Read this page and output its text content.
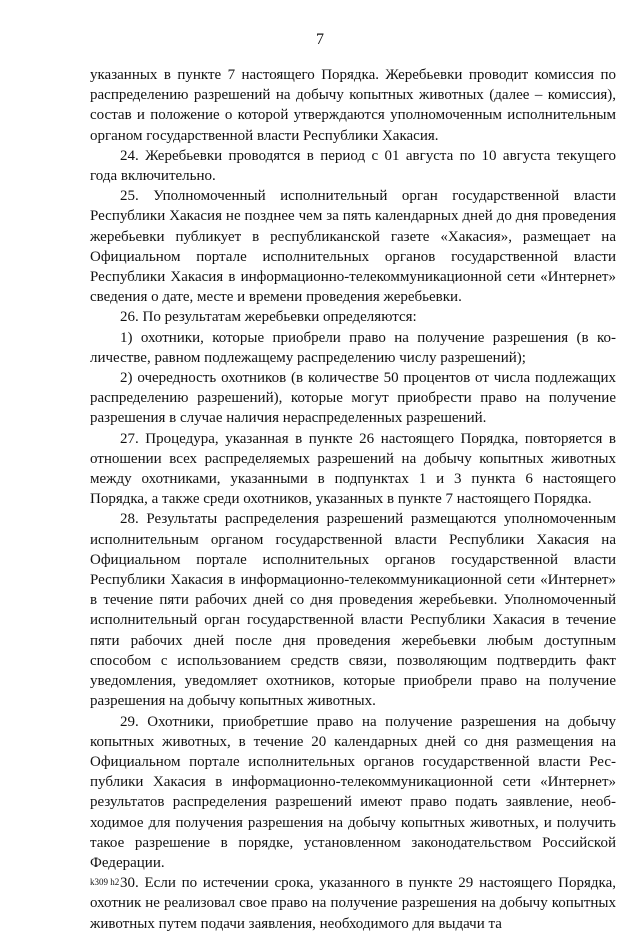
7

указанных в пункте 7 настоящего Порядка. Жеребьевки проводит комиссия по распределению разрешений на добычу копытных животных (далее – комиссия), состав и положение о которой утверждаются уполномоченным исполнительным органом государственной власти Республики Хакасия.

24. Жеребьевки проводятся в период с 01 августа по 10 августа текущего года включительно.

25. Уполномоченный исполнительный орган государственной власти Республики Хакасия не позднее чем за пять календарных дней до дня проведения жеребьевки публикует в республиканской газете «Хакасия», размещает на Официальном портале исполнительных органов государственной власти Республики Хакасия в информационно-телекоммуникационной сети «Интернет» сведения о дате, месте и времени проведения жеребьевки.

26. По результатам жеребьевки определяются:

1) охотники, которые приобрели право на получение разрешения (в количестве, равном подлежащему распределению числу разрешений);

2) очередность охотников (в количестве 50 процентов от числа подлежащих распределению разрешений), которые могут приобрести право на получение разрешения в случае наличия нераспределенных разрешений.

27. Процедура, указанная в пункте 26 настоящего Порядка, повторяется в отношении всех распределяемых разрешений на добычу копытных животных между охотниками, указанными в подпунктах 1 и 3 пункта 6 настоящего Порядка, а также среди охотников, указанных в пункте 7 настоящего Порядка.

28. Результаты распределения разрешений размещаются уполномоченным исполнительным органом государственной власти Республики Хакасия на Официальном портале исполнительных органов государственной власти Республики Хакасия в информационно-телекоммуникационной сети «Интернет» в течение пяти рабочих дней со дня проведения жеребьевки. Уполномоченный исполнительный орган государственной власти Республики Хакасия в течение пяти рабочих дней после дня проведения жеребьевки любым доступным способом с использованием средств связи, позволяющим подтвердить факт уведомления, уведомляет охотников, которые приобрели право на получение разрешения на добычу копытных животных.

29. Охотники, приобретшие право на получение разрешения на добычу копытных животных, в течение 20 календарных дней со дня размещения на Официальном портале исполнительных органов государственной власти Республики Хакасия в информационно-телекоммуникационной сети «Интернет» результатов распределения разрешений имеют право подать заявление, необходимое для получения разрешения на добычу копытных животных, и получить такое разрешение в порядке, установленном законодательством Российской Федерации.

30. Если по истечении срока, указанного в пункте 29 настоящего Порядка, охотник не реализовал свое право на получение разрешения на добычу копытных животных путем подачи заявления, необходимого для выдачи та

k309 h2
